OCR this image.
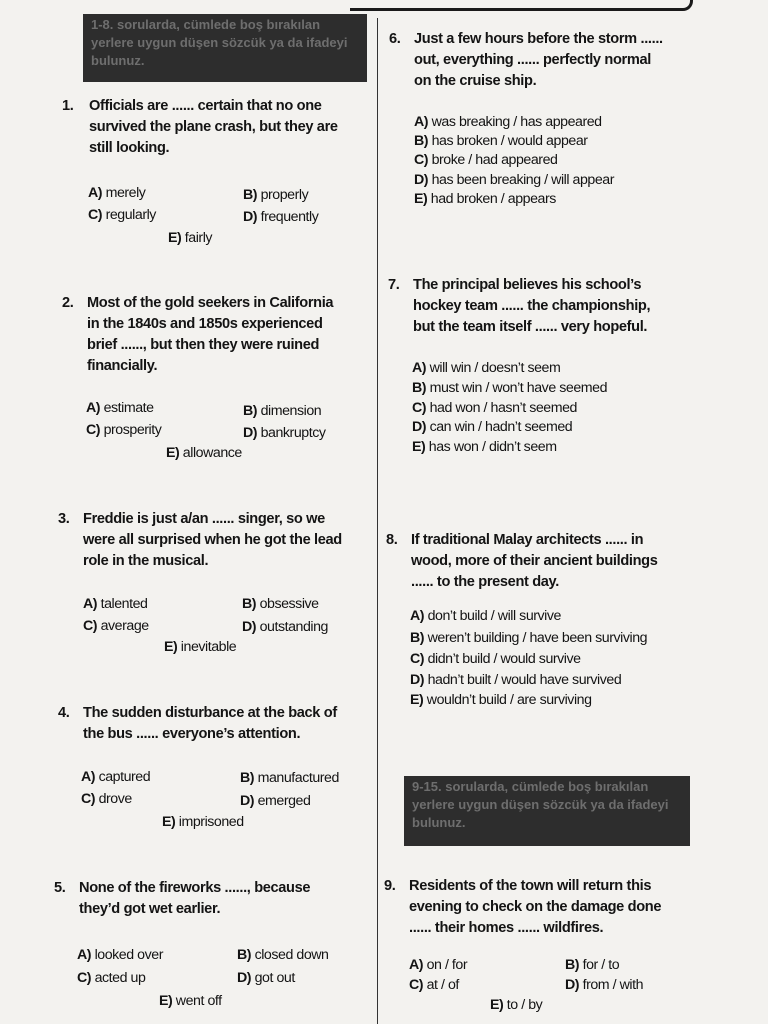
1-8. sorularda, cümlede boş bırakılan yerlere uygun düşen sözcük ya da ifadeyi bulunuz.
1. Officials are ...... certain that no one
survived the plane crash, but they are
still looking.
A) merely	B) properly
C) regularly	D) frequently
E) fairly
2. Most of the gold seekers in California
in the 1840s and 1850s experienced
brief ......, but then they were ruined
financially.
A) estimate	B) dimension
C) prosperity	D) bankruptcy
E) allowance
3. Freddie is just a/an ...... singer, so we
were all surprised when he got the lead
role in the musical.
A) talented	B) obsessive
C) average	D) outstanding
E) inevitable
4. The sudden disturbance at the back of
the bus ...... everyone’s attention.
A) captured	B) manufactured
C) drove	D) emerged
E) imprisoned
5. None of the fireworks ......, because
they’d got wet earlier.
A) looked over	B) closed down
C) acted up	D) got out
E) went off
6. Just a few hours before the storm ......
out, everything ...... perfectly normal
on the cruise ship.
A) was breaking / has appeared
B) has broken / would appear
C) broke / had appeared
D) has been breaking / will appear
E) had broken / appears
7. The principal believes his school’s
hockey team ...... the championship,
but the team itself ...... very hopeful.
A) will win / doesn’t seem
B) must win / won’t have seemed
C) had won / hasn’t seemed
D) can win / hadn’t seemed
E) has won / didn’t seem
8. If traditional Malay architects ...... in
wood, more of their ancient buildings
...... to the present day.
A) don’t build / will survive
B) weren’t building / have been surviving
C) didn’t build / would survive
D) hadn’t built / would have survived
E) wouldn’t build / are surviving
9-15. sorularda, cümlede boş bırakılan yerlere uygun düşen sözcük ya da ifadeyi bulunuz.
9. Residents of the town will return this
evening to check on the damage done
...... their homes ...... wildfires.
A) on / for	B) for / to
C) at / of	D) from / with
E) to / by
